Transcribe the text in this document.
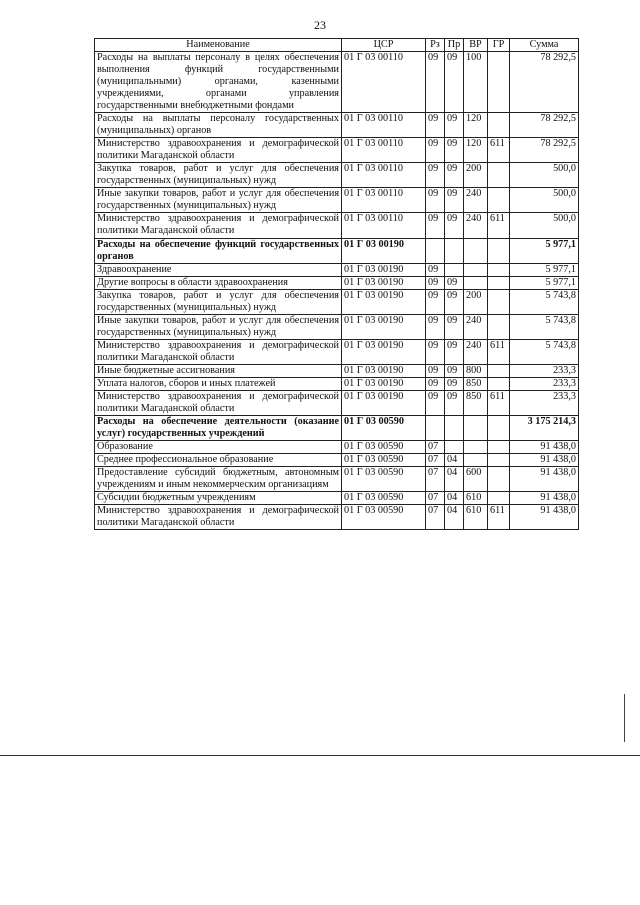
23
Наименование	ЦСР	Рз	Пр	ВР	ГР	Сумма
Расходы на выплаты персоналу в целях обеспечения выполнения функций государственными (муниципальными) органами, казенными учреждениями, органами управления государственными внебюджетными фондами	01 Г 03 00110	09	09	100		78 292,5
Расходы на выплаты персоналу государственных (муниципальных) органов	01 Г 03 00110	09	09	120		78 292,5
Министерство здравоохранения и демографической политики Магаданской области	01 Г 03 00110	09	09	120	611	78 292,5
Закупка товаров, работ и услуг для обеспечения государственных (муниципальных) нужд	01 Г 03 00110	09	09	200		500,0
Иные закупки товаров, работ и услуг для обеспечения государственных (муниципальных) нужд	01 Г 03 00110	09	09	240		500,0
Министерство здравоохранения и демографической политики Магаданской области	01 Г 03 00110	09	09	240	611	500,0
Расходы на обеспечение функций государственных органов	01 Г 03 00190					5 977,1
Здравоохранение	01 Г 03 00190	09				5 977,1
Другие вопросы в области здравоохранения	01 Г 03 00190	09	09			5 977,1
Закупка товаров, работ и услуг для обеспечения государственных (муниципальных) нужд	01 Г 03 00190	09	09	200		5 743,8
Иные закупки товаров, работ и услуг для обеспечения государственных (муниципальных) нужд	01 Г 03 00190	09	09	240		5 743,8
Министерство здравоохранения и демографической политики Магаданской области	01 Г 03 00190	09	09	240	611	5 743,8
Иные бюджетные ассигнования	01 Г 03 00190	09	09	800		233,3
Уплата налогов, сборов и иных платежей	01 Г 03 00190	09	09	850		233,3
Министерство здравоохранения и демографической политики Магаданской области	01 Г 03 00190	09	09	850	611	233,3
Расходы на обеспечение деятельности (оказание услуг) государственных учреждений	01 Г 03 00590					3 175 214,3
Образование	01 Г 03 00590	07				91 438,0
Среднее профессиональное образование	01 Г 03 00590	07	04			91 438,0
Предоставление субсидий бюджетным, автономным учреждениям и иным некоммерческим организациям	01 Г 03 00590	07	04	600		91 438,0
Субсидии бюджетным учреждениям	01 Г 03 00590	07	04	610		91 438,0
Министерство здравоохранения и демографической политики Магаданской области	01 Г 03 00590	07	04	610	611	91 438,0
